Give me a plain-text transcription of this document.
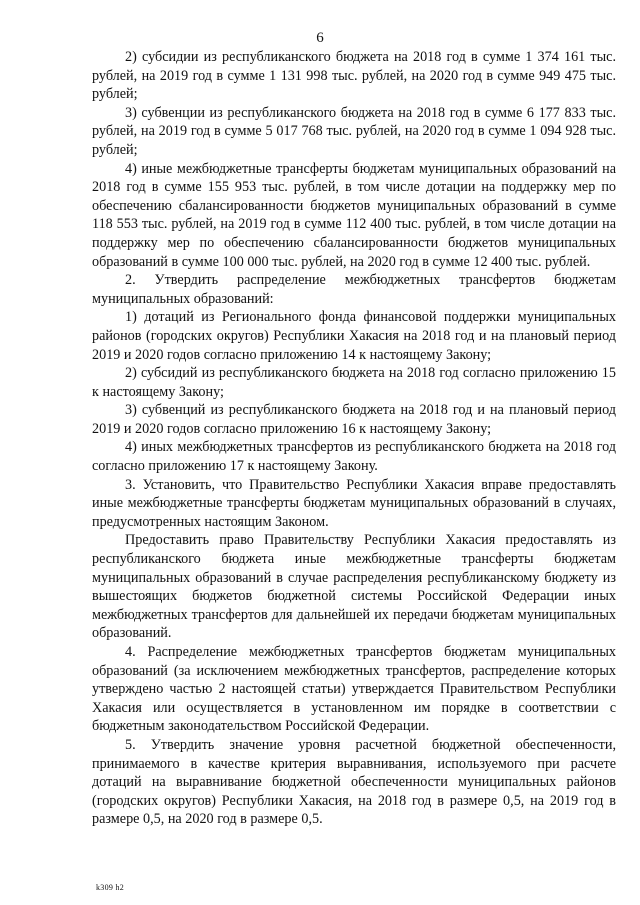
6

2) субсидии из республиканского бюджета на 2018 год в сумме 1 374 161 тыс. рублей, на 2019 год в сумме 1 131 998 тыс. рублей, на 2020 год в сумме 949 475 тыс. рублей;

3) субвенции из республиканского бюджета на 2018 год в сумме 6 177 833 тыс. рублей, на 2019 год в сумме 5 017 768 тыс. рублей, на 2020 год в сумме 1 094 928 тыс. рублей;

4) иные межбюджетные трансферты бюджетам муниципальных образований на 2018 год в сумме 155 953 тыс. рублей, в том числе дотации на поддержку мер по обеспечению сбалансированности бюджетов муниципальных образований в сумме 118 553 тыс. рублей, на 2019 год в сумме 112 400 тыс. рублей, в том числе дотации на поддержку мер по обеспечению сбалансированности бюджетов муниципальных образований в сумме 100 000 тыс. рублей, на 2020 год в сумме 12 400 тыс. рублей.

2. Утвердить распределение межбюджетных трансфертов бюджетам муниципальных образований:

1) дотаций из Регионального фонда финансовой поддержки муниципальных районов (городских округов) Республики Хакасия на 2018 год и на плановый период 2019 и 2020 годов согласно приложению 14 к настоящему Закону;

2) субсидий из республиканского бюджета на 2018 год согласно приложению 15 к настоящему Закону;

3) субвенций из республиканского бюджета на 2018 год и на плановый период 2019 и 2020 годов согласно приложению 16 к настоящему Закону;

4) иных межбюджетных трансфертов из республиканского бюджета на 2018 год согласно приложению 17 к настоящему Закону.

3. Установить, что Правительство Республики Хакасия вправе предоставлять иные межбюджетные трансферты бюджетам муниципальных образований в случаях, предусмотренных настоящим Законом.

Предоставить право Правительству Республики Хакасия предоставлять из республиканского бюджета иные межбюджетные трансферты бюджетам муниципальных образований в случае распределения республиканскому бюджету из вышестоящих бюджетов бюджетной системы Российской Федерации иных межбюджетных трансфертов для дальнейшей их передачи бюджетам муниципальных образований.

4. Распределение межбюджетных трансфертов бюджетам муниципальных образований (за исключением межбюджетных трансфертов, распределение которых утверждено частью 2 настоящей статьи) утверждается Правительством Республики Хакасия или осуществляется в установленном им порядке в соответствии с бюджетным законодательством Российской Федерации.

5. Утвердить значение уровня расчетной бюджетной обеспеченности, принимаемого в качестве критерия выравнивания, используемого при расчете дотаций на выравнивание бюджетной обеспеченности муниципальных районов (городских округов) Республики Хакасия, на 2018 год в размере 0,5, на 2019 год в размере 0,5, на 2020 год в размере 0,5.

k309 h2
